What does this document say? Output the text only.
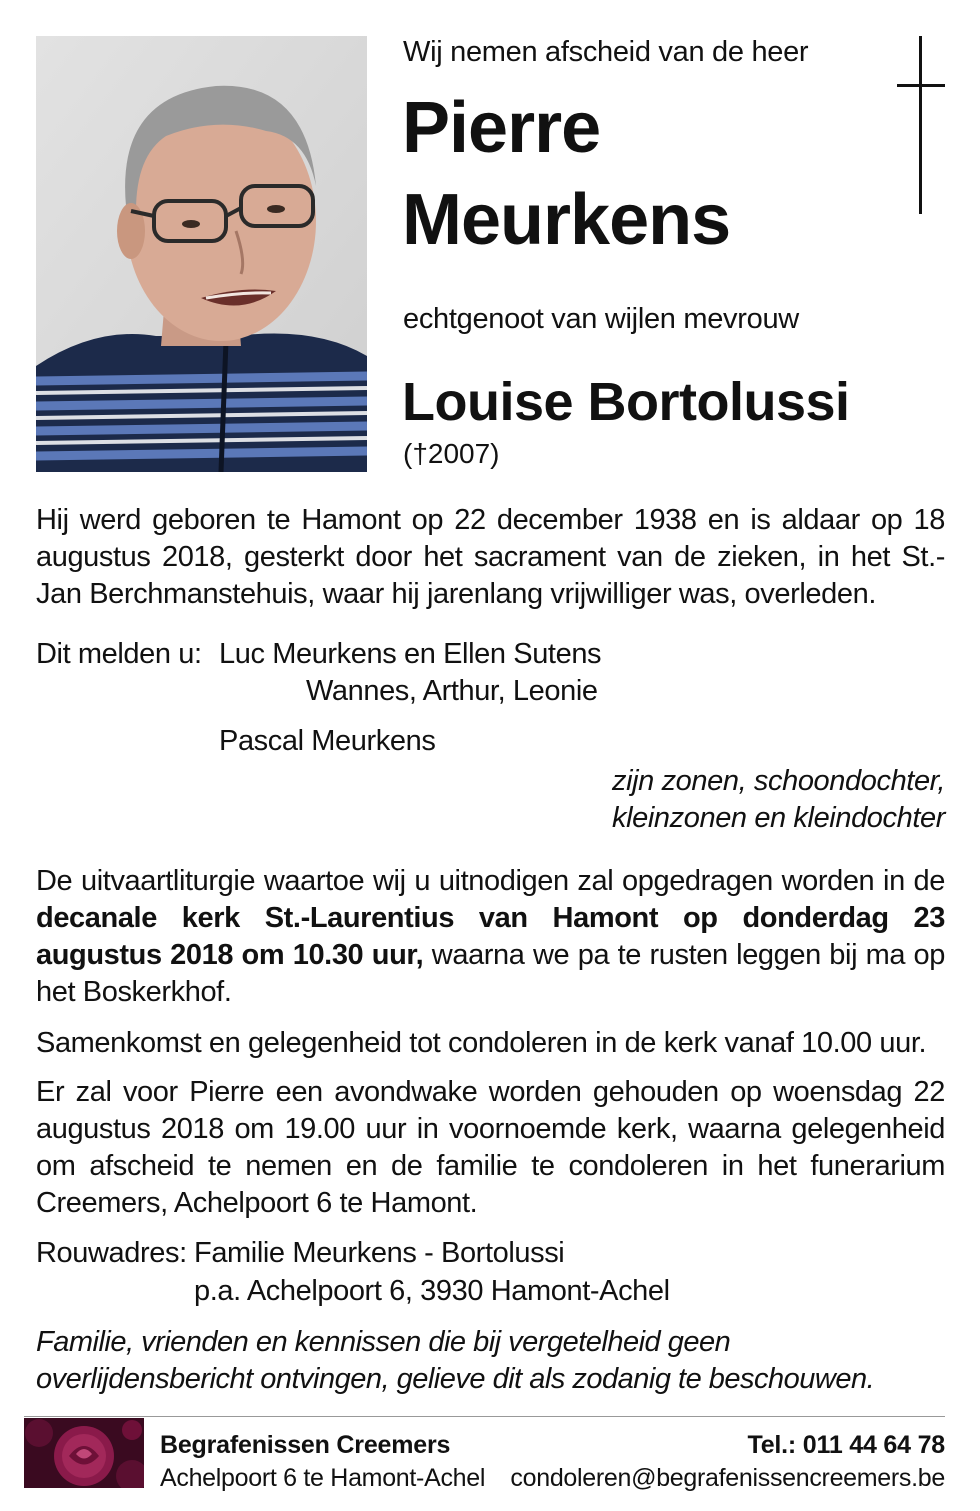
Wij nemen afscheid van de heer
Pierre
Meurkens
echtgenoot van wijlen mevrouw
Louise Bortolussi
(†2007)

Hij werd geboren te Hamont op 22 december 1938 en is aldaar op 18 augustus 2018, gesterkt door het sacrament van de zieken, in het St.-Jan Berchmanstehuis, waar hij jarenlang vrijwilliger was, overleden.

Dit melden u: Luc Meurkens en Ellen Sutens
Wannes, Arthur, Leonie
Pascal Meurkens
zijn zonen, schoondochter,
kleinzonen en kleindochter

De uitvaartliturgie waartoe wij u uitnodigen zal opgedragen worden in de decanale kerk St.-Laurentius van Hamont op donderdag 23 augustus 2018 om 10.30 uur, waarna we pa te rusten leggen bij ma op het Boskerkhof.

Samenkomst en gelegenheid tot condoleren in de kerk vanaf 10.00 uur.

Er zal voor Pierre een avondwake worden gehouden op woensdag 22 augustus 2018 om 19.00 uur in voornoemde kerk, waarna gelegenheid om afscheid te nemen en de familie te condoleren in het funerarium Creemers, Achelpoort 6 te Hamont.

Rouwadres: Familie Meurkens - Bortolussi
p.a. Achelpoort 6, 3930 Hamont-Achel
Familie, vrienden en kennissen die bij vergetelheid geen overlijdensbericht ontvingen, gelieve dit als zodanig te beschouwen.
Begrafenissen Creemers
Achelpoort 6 te Hamont-Achel
Tel.: 011 44 64 78
condoleren@begrafenissencreemers.be
